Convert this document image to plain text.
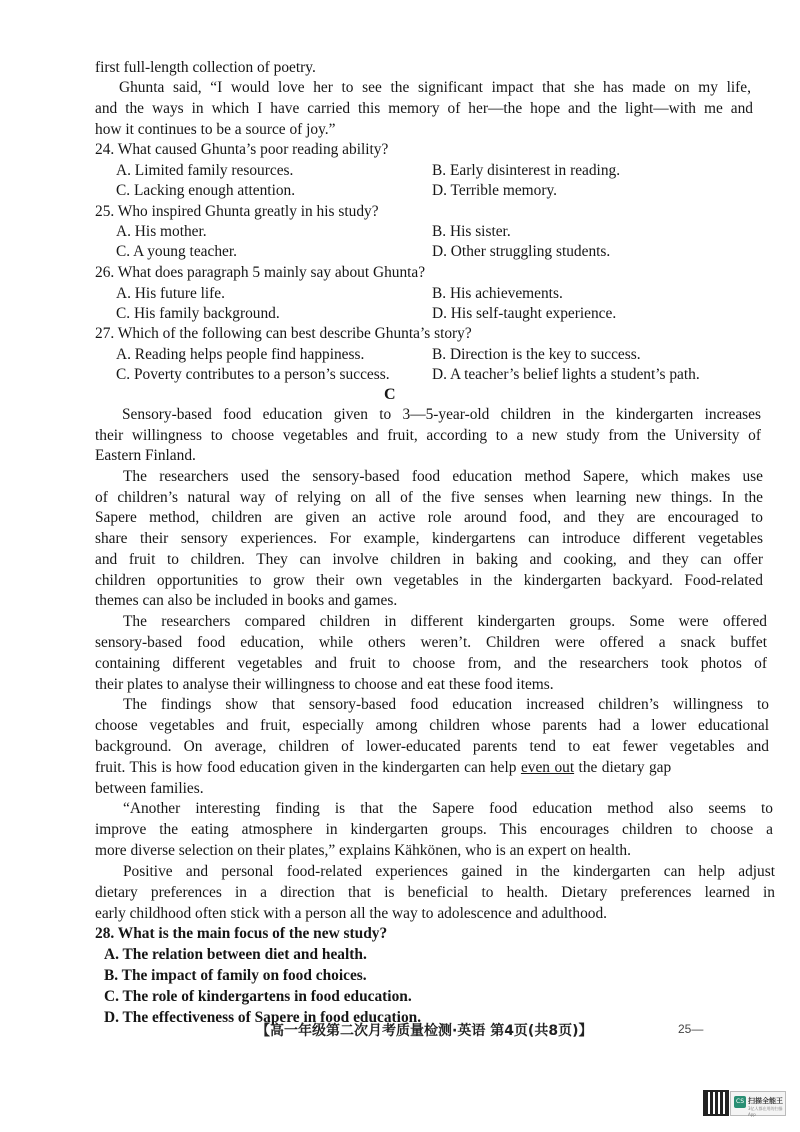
first full-length collection of poetry.
Ghunta said, “I would love her to see the significant impact that she has made on my life,
and the ways in which I have carried this memory of her—the hope and the light—with me and
how it continues to be a source of joy.”
24. What caused Ghunta’s poor reading ability?
A. Limited family resources.	B. Early disinterest in reading.
C. Lacking enough attention.	D. Terrible memory.
25. Who inspired Ghunta greatly in his study?
A. His mother.	B. His sister.
C. A young teacher.	D. Other struggling students.
26. What does paragraph 5 mainly say about Ghunta?
A. His future life.	B. His achievements.
C. His family background.	D. His self-taught experience.
27. Which of the following can best describe Ghunta’s story?
A. Reading helps people find happiness.	B. Direction is the key to success.
C. Poverty contributes to a person’s success.	D. A teacher’s belief lights a student’s path.
C
Sensory-based food education given to 3—5-year-old children in the kindergarten increases
their willingness to choose vegetables and fruit, according to a new study from the University of
Eastern Finland.
The researchers used the sensory-based food education method Sapere, which makes use
of children’s natural way of relying on all of the five senses when learning new things. In the
Sapere method, children are given an active role around food, and they are encouraged to
share their sensory experiences. For example, kindergartens can introduce different vegetables
and fruit to children. They can involve children in baking and cooking, and they can offer
children opportunities to grow their own vegetables in the kindergarten backyard. Food-related
themes can also be included in books and games.
The researchers compared children in different kindergarten groups. Some were offered
sensory-based food education, while others weren’t. Children were offered a snack buffet
containing different vegetables and fruit to choose from, and the researchers took photos of
their plates to analyse their willingness to choose and eat these food items.
The findings show that sensory-based food education increased children’s willingness to
choose vegetables and fruit, especially among children whose parents had a lower educational
background. On average, children of lower-educated parents tend to eat fewer vegetables and
fruit. This is how food education given in the kindergarten can help even out the dietary gap
between families.
“Another interesting finding is that the Sapere food education method also seems to
improve the eating atmosphere in kindergarten groups. This encourages children to choose a
more diverse selection on their plates,” explains Kähkönen, who is an expert on health.
Positive and personal food-related experiences gained in the kindergarten can help adjust
dietary preferences in a direction that is beneficial to health. Dietary preferences learned in
early childhood often stick with a person all the way to adolescence and adulthood.
28. What is the main focus of the new study?
A. The relation between diet and health.
B. The impact of family on food choices.
C. The role of kindergartens in food education.
D. The effectiveness of Sapere in food education.
【高一年级第二次月考质量检测·英语 第4页(共8页)】	25—
CS 扫描全能王
3亿人都在用的扫描App
